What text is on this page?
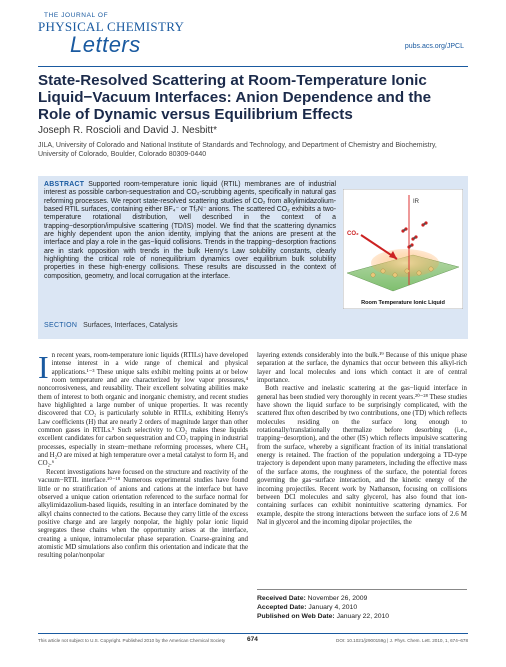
THE JOURNAL OF
PHYSICAL CHEMISTRY
Letters	pubs.acs.org/JPCL
State-Resolved Scattering at Room-Temperature Ionic Liquid−Vacuum Interfaces: Anion Dependence and the Role of Dynamic versus Equilibrium Effects
Joseph R. Roscioli and David J. Nesbitt*
JILA, University of Colorado and National Institute of Standards and Technology, and Department of Chemistry and Biochemistry, University of Colorado, Boulder, Colorado 80309-0440
ABSTRACT Supported room-temperature ionic liquid (RTIL) membranes are of industrial interest as possible carbon-sequestration and CO₂-scrubbing agents, specifically in natural gas reforming processes. We report state-resolved scattering studies of CO₂ from alkylimidazolium-based RTIL surfaces, containing either BF₄⁻ or Tf₂N⁻ anions. The scattered CO₂ exhibits a two-temperature rotational distribution, well described in the context of a trapping−desorption/impulsive scattering (TD/IS) model. We find that the scattering dynamics are highly dependent upon the anion identity, implying that the anions are present at the interface and play a role in the gas−liquid collisions. Trends in the trapping−desorption fractions are in stark opposition with trends in the bulk Henry's Law solubility constants, clearly highlighting the critical role of nonequilibrium dynamics over equilibrium bulk solubility properties in these high-energy collisions. These results are discussed in the context of composition, geometry, and local corrugation at the interface.
SECTION Surfaces, Interfaces, Catalysis
IR
CO₂
Room Temperature Ionic Liquid

In recent years, room-temperature ionic liquids (RTILs) have developed intense interest in a wide range of chemical and physical applications.¹⁻³ These unique salts exhibit melting points at or below room temperature and are characterized by low vapor pressures,⁴ noncorrosiveness, and reusability. Their excellent solvating abilities make them of interest to both organic and inorganic chemistry, and recent studies have highlighted a large number of unique properties. It was recently discovered that CO₂ is particularly soluble in RTILs, exhibiting Henry's Law coefficients (H) that are nearly 2 orders of magnitude larger than other common gases in RTILs.⁵ Such selectivity to CO₂ makes these liquids excellent candidates for carbon sequestration and CO₂ trapping in industrial processes, especially in steam−methane reforming processes, where CH₄ and H₂O are mixed at high temperature over a metal catalyst to form H₂ and CO₂.⁶

Recent investigations have focused on the structure and reactivity of the vacuum−RTIL interface.¹⁰⁻¹⁸ Numerous experimental studies have found little or no stratification of anions and cations at the interface but have observed a unique cation orientation referenced to the surface normal for alkylimidazolium-based liquids, resulting in an interface dominated by the alkyl chains connected to the cations. Because they carry little of the excess positive charge and are largely nonpolar, the highly polar ionic liquid segregates these chains when the opportunity arises at the interface, creating a unique, intramolecular phase separation. Coarse-graining and atomistic MD simulations also confirm this orientation and indicate that the resulting polar/nonpolar

layering extends considerably into the bulk.¹⁹ Because of this unique phase separation at the surface, the dynamics that occur between this alkyl-rich layer and local molecules and ions which contact it are of central importance.

Both reactive and inelastic scattering at the gas−liquid interface in general has been studied very thoroughly in recent years.²⁰⁻²⁸ These studies have shown the liquid surface to be surprisingly complicated, with the scattered flux often described by two contributions, one (TD) which reflects molecules residing on the surface long enough to rotationally/translationally thermalize before desorbing (i.e., trapping−desorption), and the other (IS) which reflects impulsive scattering from the surface, whereby a significant fraction of its initial translational energy is retained. The fraction of the population undergoing a TD-type trajectory is dependent upon many parameters, including the effective mass of the surface atoms, the roughness of the surface, the potential forces governing the gas−surface interaction, and the kinetic energy of the incoming projectiles. Recent work by Nathanson, focusing on collisions between DCl molecules and salty glycerol, has also found that ion-containing surfaces can exhibit nonintuitive scattering dynamics. For example, despite the strong interactions between the surface ions of 2.6 M NaI in glycerol and the incoming dipolar projectiles, the

Received Date: November 26, 2009
Accepted Date: January 4, 2010
Published on Web Date: January 22, 2010
This article not subject to U.S. Copyright. Published 2010 by the American Chemical Society	674	DOI: 10.1021/jz900159g | J. Phys. Chem. Lett. 2010, 1, 674–678
